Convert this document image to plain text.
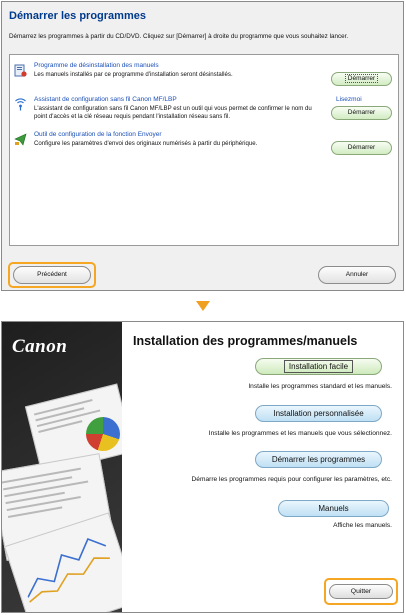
Démarrer les programmes
Démarrez les programmes à partir du CD/DVD. Cliquez sur [Démarrer] à droite du programme que vous souhaitez lancer.
Programme de désinstallation des manuels
Les manuels installés par ce programme d'installation seront désinstallés.
Démarrer
Assistant de configuration sans fil Canon MF/LBP
L'assistant de configuration sans fil Canon MF/LBP est un outil qui vous permet de confirmer le nom du point d'accès et la clé réseau requis pendant l'installation réseau sans fil.
Lisezmoi
Démarrer
Outil de configuration de la fonction Envoyer
Configure les paramètres d'envoi des originaux numérisés à partir du périphérique.
Démarrer
Précédent	Annuler
Canon	Installation des programmes/manuels
Installation facile
Installe les programmes standard et les manuels.
Installation personnalisée
Installe les programmes et les manuels que vous sélectionnez.
Démarrer les programmes
Démarre les programmes requis pour configurer les paramètres, etc.
Manuels
Affiche les manuels.
Quitter
